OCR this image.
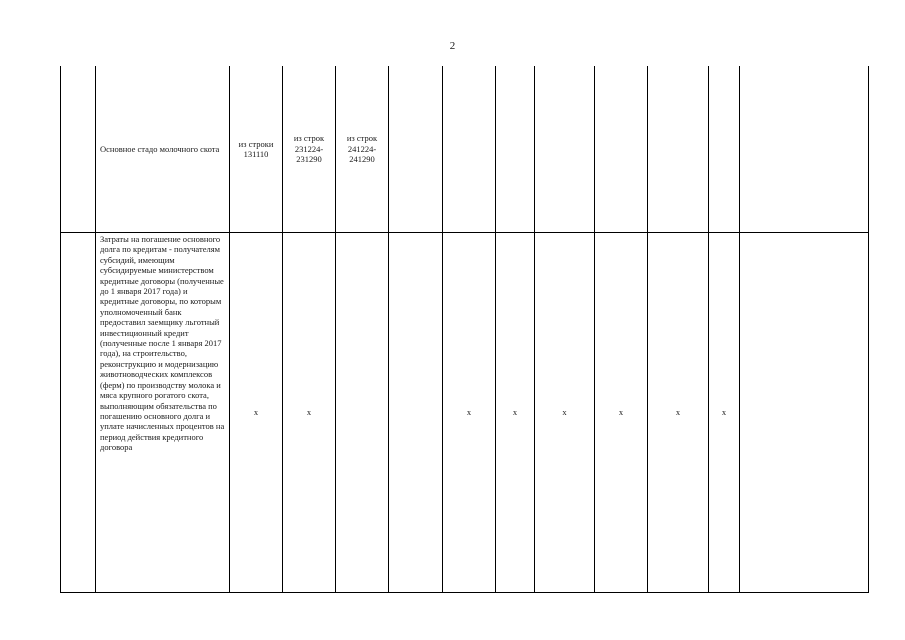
2
	Основное стадо молочного скота	из строки 131110	из строк 231224-231290	из строк 241224-241290								
	Затраты на погашение основного долга по кредитам - получателям субсидий, имеющим субсидируемые министерством кредитные договоры (полученные до 1 января 2017 года) и кредитные договоры, по которым уполномоченный банк предоставил заемщику льготный инвестиционный кредит (полученные после 1 января 2017 года), на строительство, реконструкцию и модернизацию животноводческих комплексов (ферм) по производству молока и мяса крупного рогатого скота, выполняющим обязательства по погашению основного долга и уплате начисленных процентов на период действия кредитного договора	x	x			x	x	x	x	x	x	
